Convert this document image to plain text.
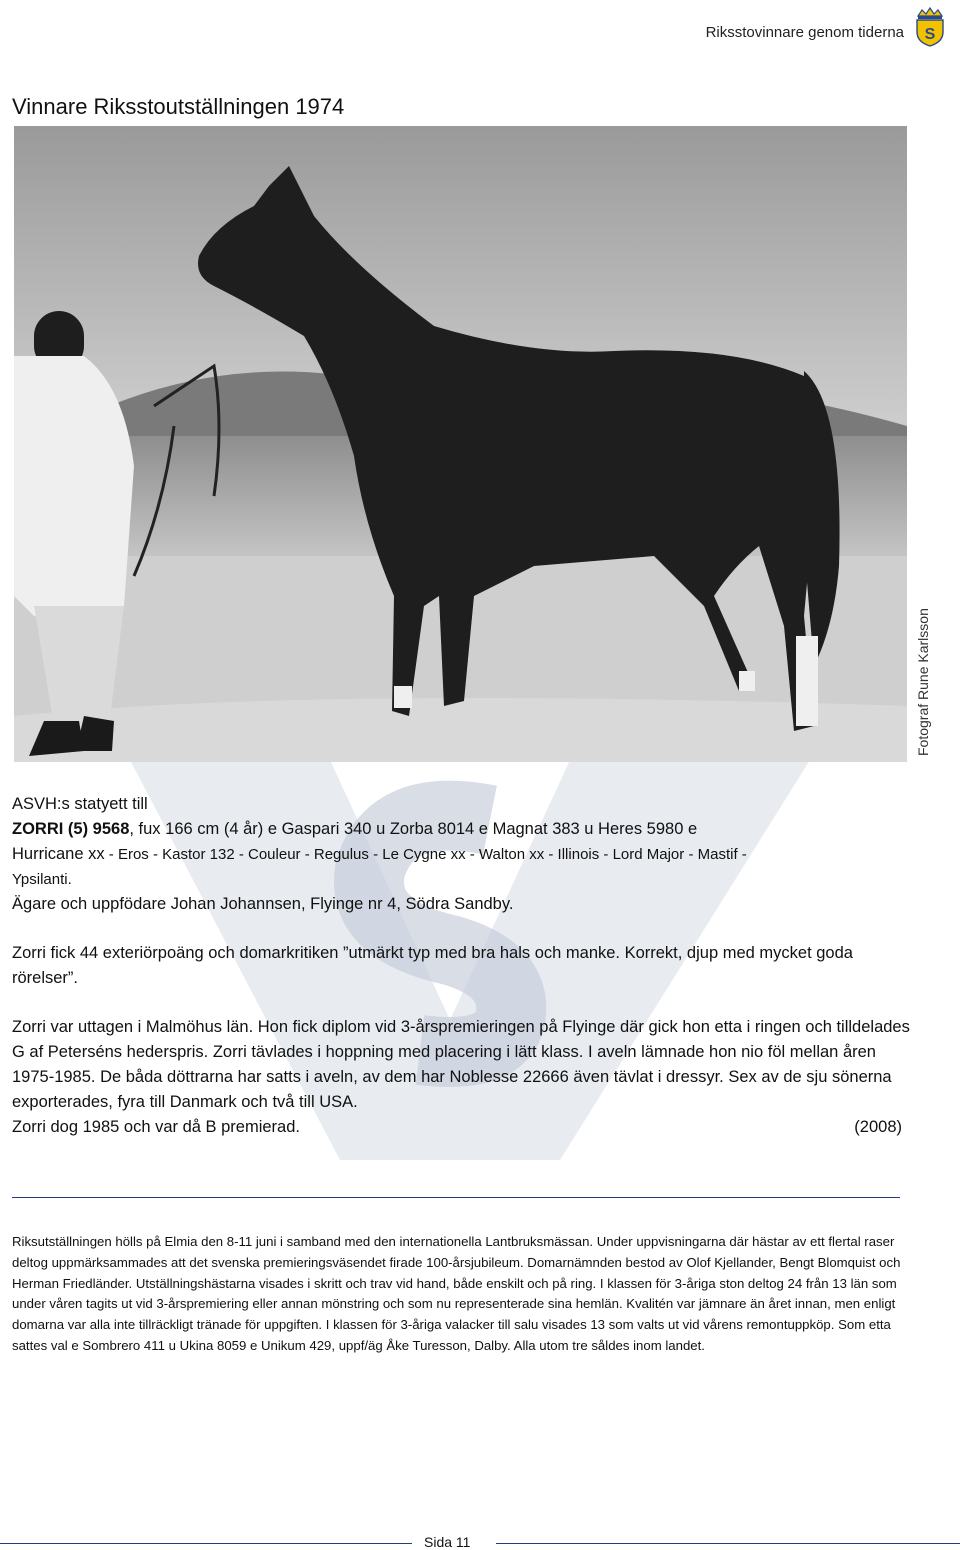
Riksstovinnare genom tiderna S
Vinnare Riksstoutställningen 1974
Fotograf Rune Karlsson

ASVH:s statyett till

ZORRI (5) 9568, fux 166 cm (4 år) e Gaspari 340 u Zorba 8014 e Magnat 383 u Heres 5980 e

Hurricane xx - Eros - Kastor 132 - Couleur - Regulus - Le Cygne xx - Walton xx - Illinois - Lord Major - Mastif -

Ypsilanti.

Ägare och uppfödare Johan Johannsen, Flyinge nr 4, Södra Sandby.

Zorri fick 44 exteriörpoäng och domarkritiken ”utmärkt typ med bra hals och manke. Korrekt, djup med mycket goda rörelser”.

Zorri var uttagen i Malmöhus län. Hon fick diplom vid 3-årspremieringen på Flyinge där gick hon etta i ringen och tilldelades G af Peterséns hederspris. Zorri tävlades i hoppning med placering i lätt klass. I aveln lämnade hon nio föl mellan åren 1975-1985. De båda döttrarna har satts i aveln, av dem har Noblesse 22666 även tävlat i dressyr. Sex av de sju sönerna exporterades, fyra till Danmark och två till USA.

Zorri dog 1985 och var då B premierad.	(2008)

Riksutställningen hölls på Elmia den 8-11 juni i samband med den internationella Lantbruksmässan. Under uppvisningarna där hästar av ett flertal raser deltog uppmärksammades att det svenska premieringsväsendet firade 100-årsjubileum. Domarnämnden bestod av Olof Kjellander, Bengt Blomquist och Herman Friedländer. Utställningshästarna visades i skritt och trav vid hand, både enskilt och på ring. I klassen för 3-åriga ston deltog 24 från 13 län som under våren tagits ut vid 3-årspremiering eller annan mönstring och som nu representerade sina hemlän. Kvalitén var jämnare än året innan, men enligt domarna var alla inte tillräckligt tränade för uppgiften. I klassen för 3-åriga valacker till salu visades 13 som valts ut vid vårens remontuppköp. Som etta sattes val e Sombrero 411 u Ukina 8059 e Unikum 429, uppf/äg Åke Turesson, Dalby. Alla utom tre såldes inom landet.

Sida 11
